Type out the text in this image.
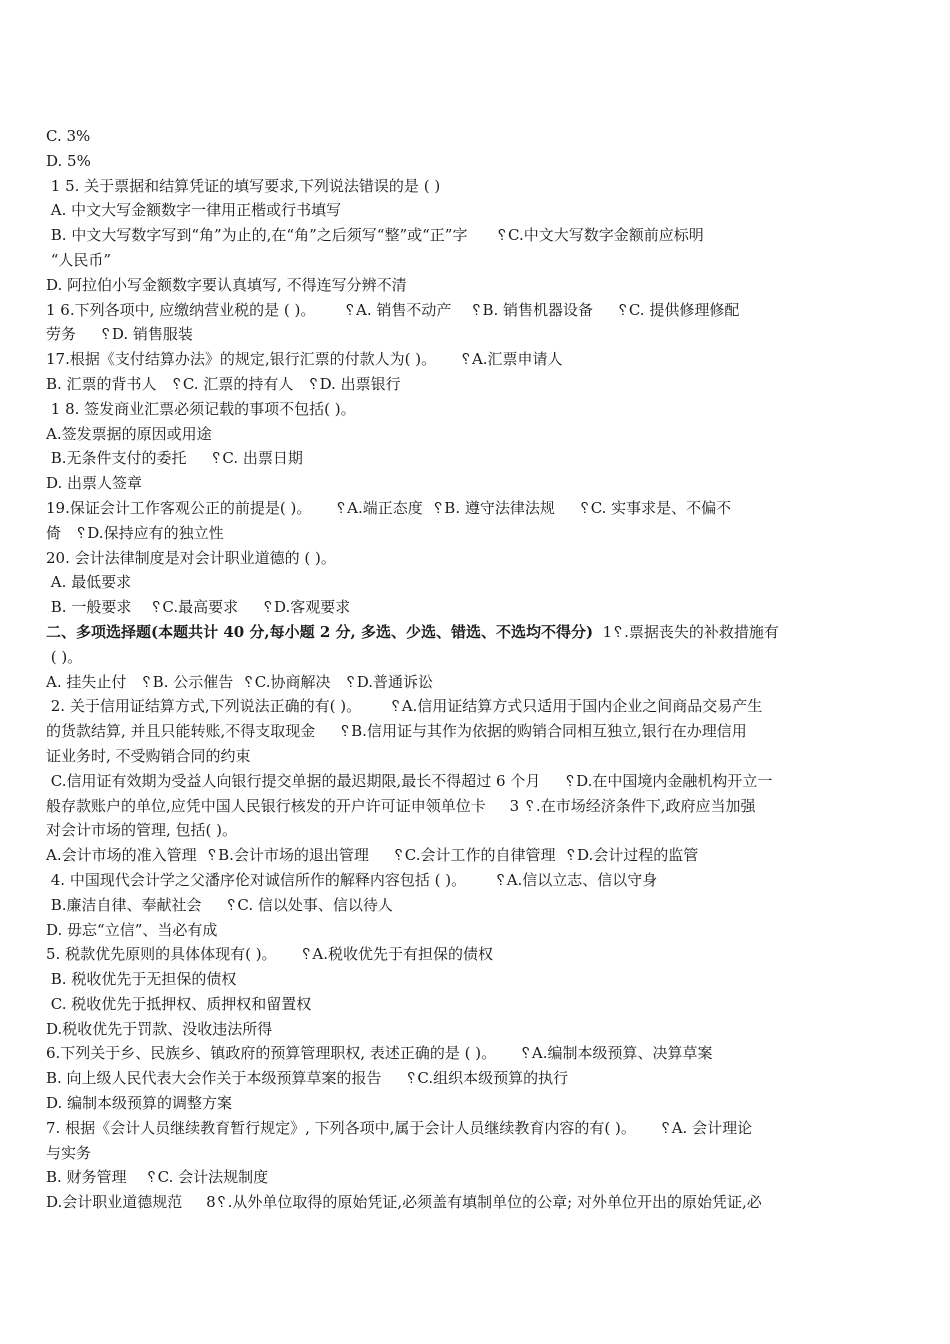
C. 3%
D. 5%
1 5. 关于票据和结算凭证的填写要求,下列说法错误的是 ( )
A. 中文大写金额数字一律用正楷或行书填写
B. 中文大写数字写到“角”为止的,在“角”之后须写“整”或“正”字      ␦C.中文大写数字金额前应标明
“人民币”
D. 阿拉伯小写金额数字要认真填写, 不得连写分辨不清
1 6.下列各项中, 应缴纳营业税的是 ( )。      ␦A. 销售不动产    ␦B. 销售机器设备     ␦C. 提供修理修配
劳务     ␦D. 销售服装
17.根据《支付结算办法》的规定,银行汇票的付款人为( )。     ␦A.汇票申请人
B. 汇票的背书人   ␦C. 汇票的持有人   ␦D. 出票银行
1 8. 签发商业汇票必须记载的事项不包括( )。
A.签发票据的原因或用途
B.无条件支付的委托     ␦C. 出票日期
D. 出票人签章
19.保证会计工作客观公正的前提是( )。     ␦A.端正态度  ␦B. 遵守法律法规     ␦C. 实事求是、不偏不
倚   ␦D.保持应有的独立性
20. 会计法律制度是对会计职业道德的 ( )。
A. 最低要求
B. 一般要求    ␦C.最高要求     ␦D.客观要求
二、多项选择题(本题共计 40 分,每小题 2 分, 多选、少选、错选、不选均不得分)  1␦.票据丧失的补救措施有
( )。
A. 挂失止付   ␦B. 公示催告  ␦C.协商解决   ␦D.普通诉讼
2. 关于信用证结算方式,下列说法正确的有( )。      ␦A.信用证结算方式只适用于国内企业之间商品交易产生
的货款结算, 并且只能转账,不得支取现金     ␦B.信用证与其作为依据的购销合同相互独立,银行在办理信用
证业务时, 不受购销合同的约束
C.信用证有效期为受益人向银行提交单据的最迟期限,最长不得超过 6 个月     ␦D.在中国境内金融机构开立一
般存款账户的单位,应凭中国人民银行核发的开户许可证申领单位卡     3 ␦.在市场经济条件下,政府应当加强
对会计市场的管理, 包括( )。
A.会计市场的准入管理  ␦B.会计市场的退出管理     ␦C.会计工作的自律管理  ␦D.会计过程的监管
4. 中国现代会计学之父潘序伦对诚信所作的解释内容包括 ( )。      ␦A.信以立志、信以守身
B.廉洁自律、奉献社会     ␦C. 信以处事、信以待人
D. 毋忘“立信”、当必有成
5. 税款优先原则的具体体现有( )。     ␦A.税收优先于有担保的债权
B. 税收优先于无担保的债权
C. 税收优先于抵押权、质押权和留置权
D.税收优先于罚款、没收违法所得
6.下列关于乡、民族乡、镇政府的预算管理职权, 表述正确的是 ( )。     ␦A.编制本级预算、决算草案
B. 向上级人民代表大会作关于本级预算草案的报告     ␦C.组织本级预算的执行
D. 编制本级预算的调整方案
7. 根据《会计人员继续教育暂行规定》, 下列各项中,属于会计人员继续教育内容的有( )。     ␦A. 会计理论
与实务
B. 财务管理    ␦C. 会计法规制度
D.会计职业道德规范     8␦.从外单位取得的原始凭证,必须盖有填制单位的公章; 对外单位开出的原始凭证,必
